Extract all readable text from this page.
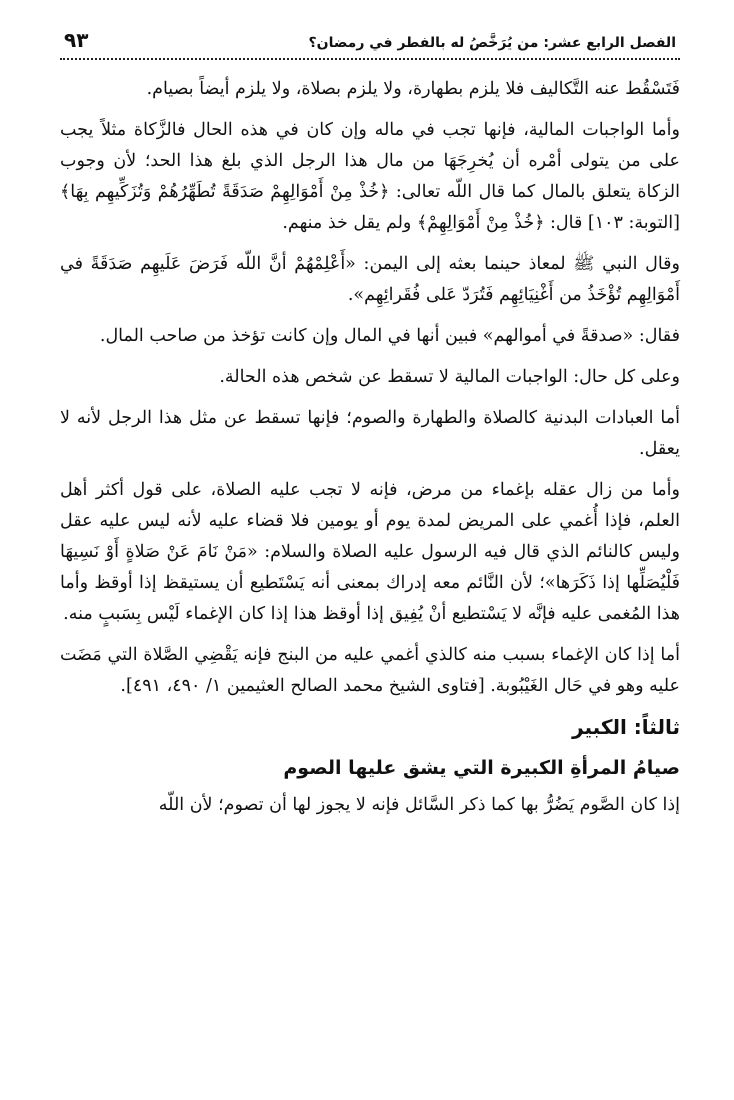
الفصل الرابع عشر: من يُرَخَّصُ له بالفطر في رمضان؟
٩٣

فَتَسْقُط عنه التَّكاليف فلا يلزم بطهارة، ولا يلزم بصلاة، ولا يلزم أيضاً بصيام.

وأما الواجبات المالية، فإنها تجب في ماله وإن كان في هذه الحال فالزَّكاة مثلاً يجب على من يتولى أمْره أن يُخرِجَهَا من مال هذا الرجل الذي بلغ هذا الحد؛ لأن وجوب الزكاة يتعلق بالمال كما قال اللّه تعالى: ﴿خُذْ مِنْ أَمْوَالِهِمْ صَدَقَةً تُطَهِّرُهُمْ وَتُزَكِّيهِم بِهَا﴾ [التوبة: ١٠٣] قال: ﴿خُذْ مِنْ أَمْوَالِهِمْ﴾ ولم يقل خذ منهم.

وقال النبي ﷺ لمعاذ حينما بعثه إلى اليمن: «أَعْلِمْهُمْ أنَّ اللّه فَرَضَ عَلَيهِم صَدَقَةً في أَمْوَالِهِم تُؤْخَذُ من أَغْنِيَائِهِم فَتُرَدّ عَلى فُقَرائِهِم».

فقال: «صدقةً في أموالهم» فبين أنها في المال وإن كانت تؤخذ من صاحب المال.

وعلى كل حال: الواجبات المالية لا تسقط عن شخص هذه الحالة.

أما العبادات البدنية كالصلاة والطهارة والصوم؛ فإنها تسقط عن مثل هذا الرجل لأنه لا يعقل.

وأما من زال عقله بإغماء من مرض، فإنه لا تجب عليه الصلاة، على قول أكثر أهل العلم، فإذا أُغمي على المريض لمدة يوم أو يومين فلا قضاء عليه لأنه ليس عليه عقل وليس كالنائم الذي قال فيه الرسول عليه الصلاة والسلام: «مَنْ نَامَ عَنْ صَلاةٍ أَوْ نَسِيهَا فَلْيُصَلِّها إذا ذَكَرَها»؛ لأن النَّائم معه إدراك بمعنى أنه يَسْتَطيع أن يستيقظ إذا أوقظ وأما هذا المُغمى عليه فإنَّه لا يَسْتطيع أنْ يُفِيق إذا أوقظ هذا إذا كان الإغماء لَيْس بِسَببٍ منه.

أما إذا كان الإغماء بسبب منه كالذي أغمي عليه من البنج فإنه يَقْضِي الصَّلاة التي مَضَت عليه وهو في حَال الغَيْبُوبة. [فتاوى الشيخ محمد الصالح العثيمين ١/ ٤٩٠، ٤٩١].

ثالثاً: الكبير
صيامُ المرأةِ الكبيرة التي يشق عليها الصوم

إذا كان الصَّوم يَضُرُّ بها كما ذكر السَّائل فإنه لا يجوز لها أن تصوم؛ لأن اللّه
